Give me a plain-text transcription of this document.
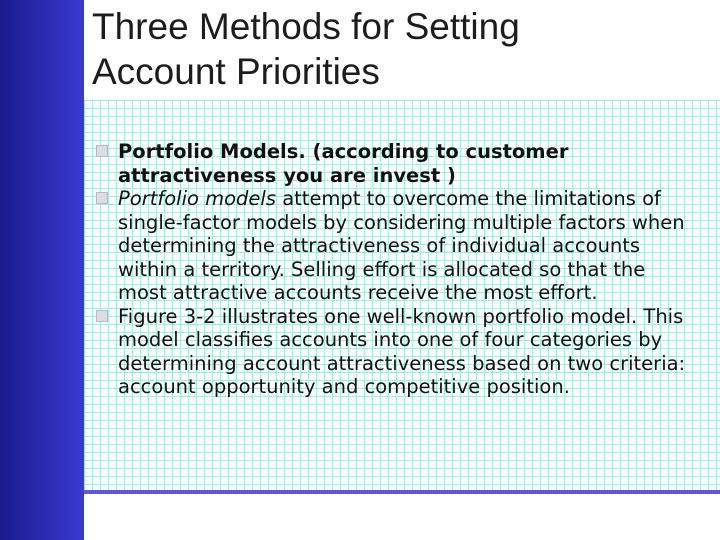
Three Methods for Setting
Account Priorities
Portfolio Models. (according to customer attractiveness you are invest )
Portfolio models attempt to overcome the limitations of single-factor models by considering multiple factors when determining the attractiveness of individual accounts within a territory. Selling effort is allocated so that the most attractive accounts receive the most effort.
Figure 3-2 illustrates one well-known portfolio model. This model classifies accounts into one of four categories by determining account attractiveness based on two criteria: account opportunity and competitive position.
